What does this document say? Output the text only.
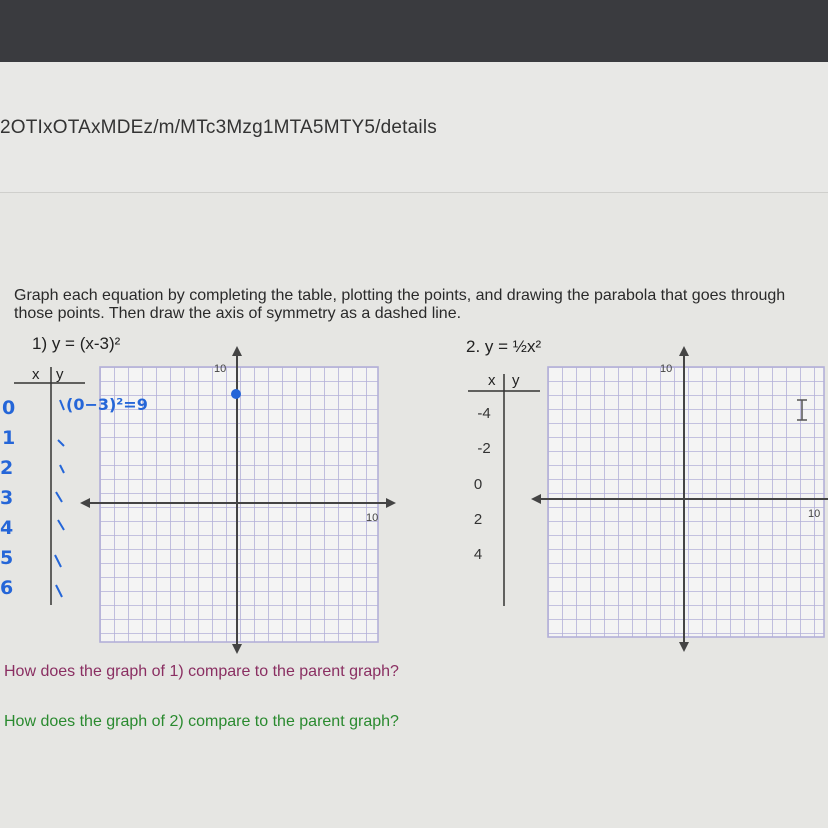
2OTIxOTAxMDEz/m/MTc3Mzg1MTA5MTY5/details
Graph each equation by completing the table, plotting the points, and drawing the parabola that goes through those points. Then draw the axis of symmetry as a dashed line.
1) y = (x-3)²
x y
2. y = ½x²
x y
10
10
0
1
2
3
4
5
6
(0−3)²=9
10
10
-4
-2
0
2
4
How does the graph of 1) compare to the parent graph?
How does the graph of 2) compare to the parent graph?
